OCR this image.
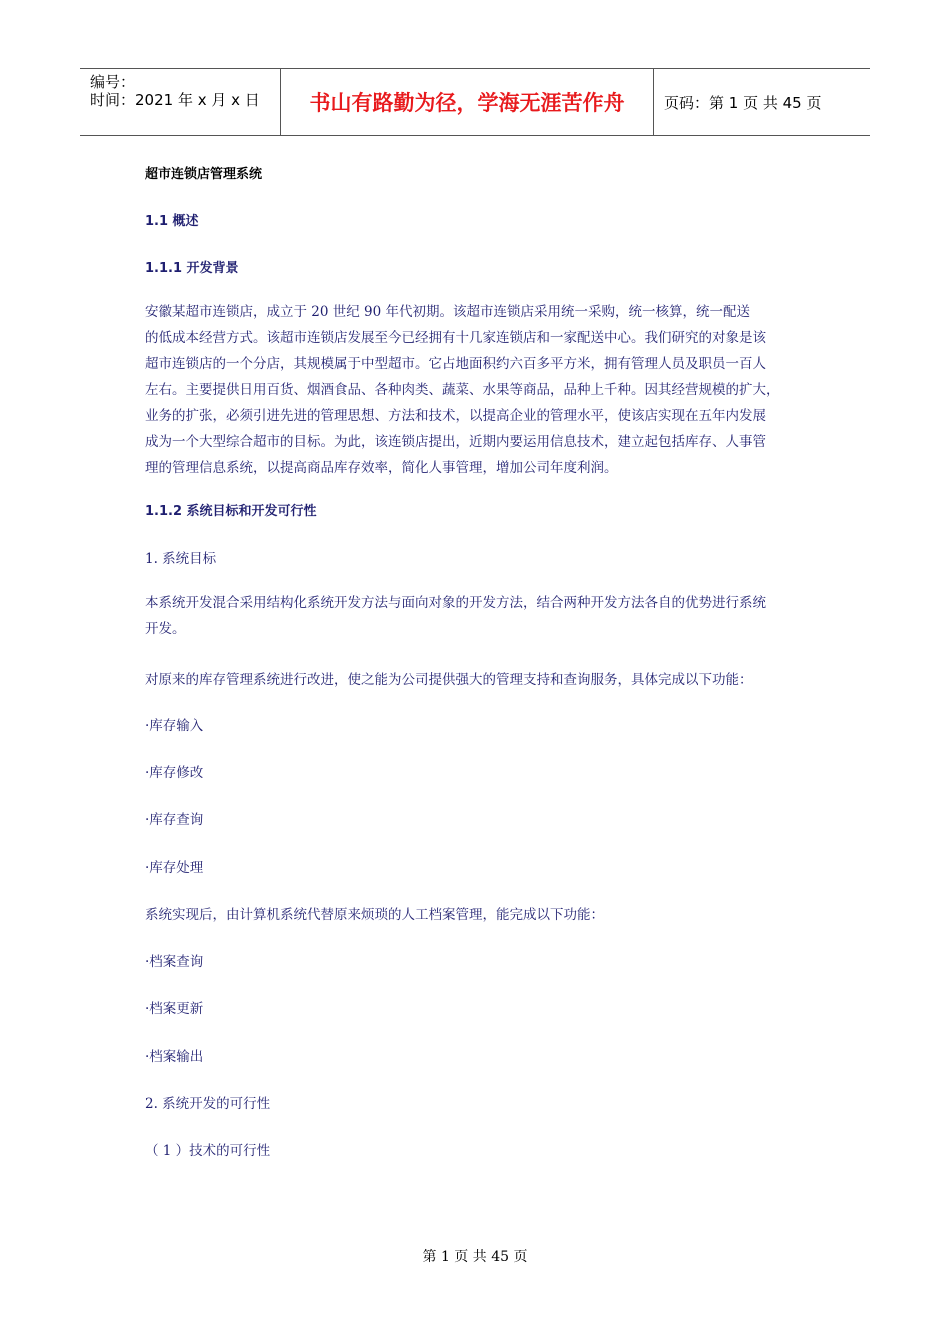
编号：
时间：2021 年 x 月 x 日	书山有路勤为径，学海无涯苦作舟	页码：第 1 页 共 45 页
超市连锁店管理系统
1.1 概述
1.1.1 开发背景
安徽某超市连锁店，成立于 20 世纪 90 年代初期。该超市连锁店采用统一采购，统一核算，统一配送
的低成本经营方式。该超市连锁店发展至今已经拥有十几家连锁店和一家配送中心。我们研究的对象是该
超市连锁店的一个分店，其规模属于中型超市。它占地面积约六百多平方米，拥有管理人员及职员一百人
左右。主要提供日用百货、烟酒食品、各种肉类、蔬菜、水果等商品，品种上千种。因其经营规模的扩大，
业务的扩张，必须引进先进的管理思想、方法和技术，以提高企业的管理水平，使该店实现在五年内发展
成为一个大型综合超市的目标。为此，该连锁店提出，近期内要运用信息技术，建立起包括库存、人事管
理的管理信息系统，以提高商品库存效率，简化人事管理，增加公司年度利润。
1.1.2 系统目标和开发可行性
1. 系统目标
本系统开发混合采用结构化系统开发方法与面向对象的开发方法，结合两种开发方法各自的优势进行系统
开发。
对原来的库存管理系统进行改进，使之能为公司提供强大的管理支持和查询服务，具体完成以下功能：
·库存输入
·库存修改
·库存查询
·库存处理
系统实现后，由计算机系统代替原来烦琐的人工档案管理，能完成以下功能：
·档案查询
·档案更新
·档案输出
2. 系统开发的可行性
（ 1 ）技术的可行性
第 1 页 共 45 页
